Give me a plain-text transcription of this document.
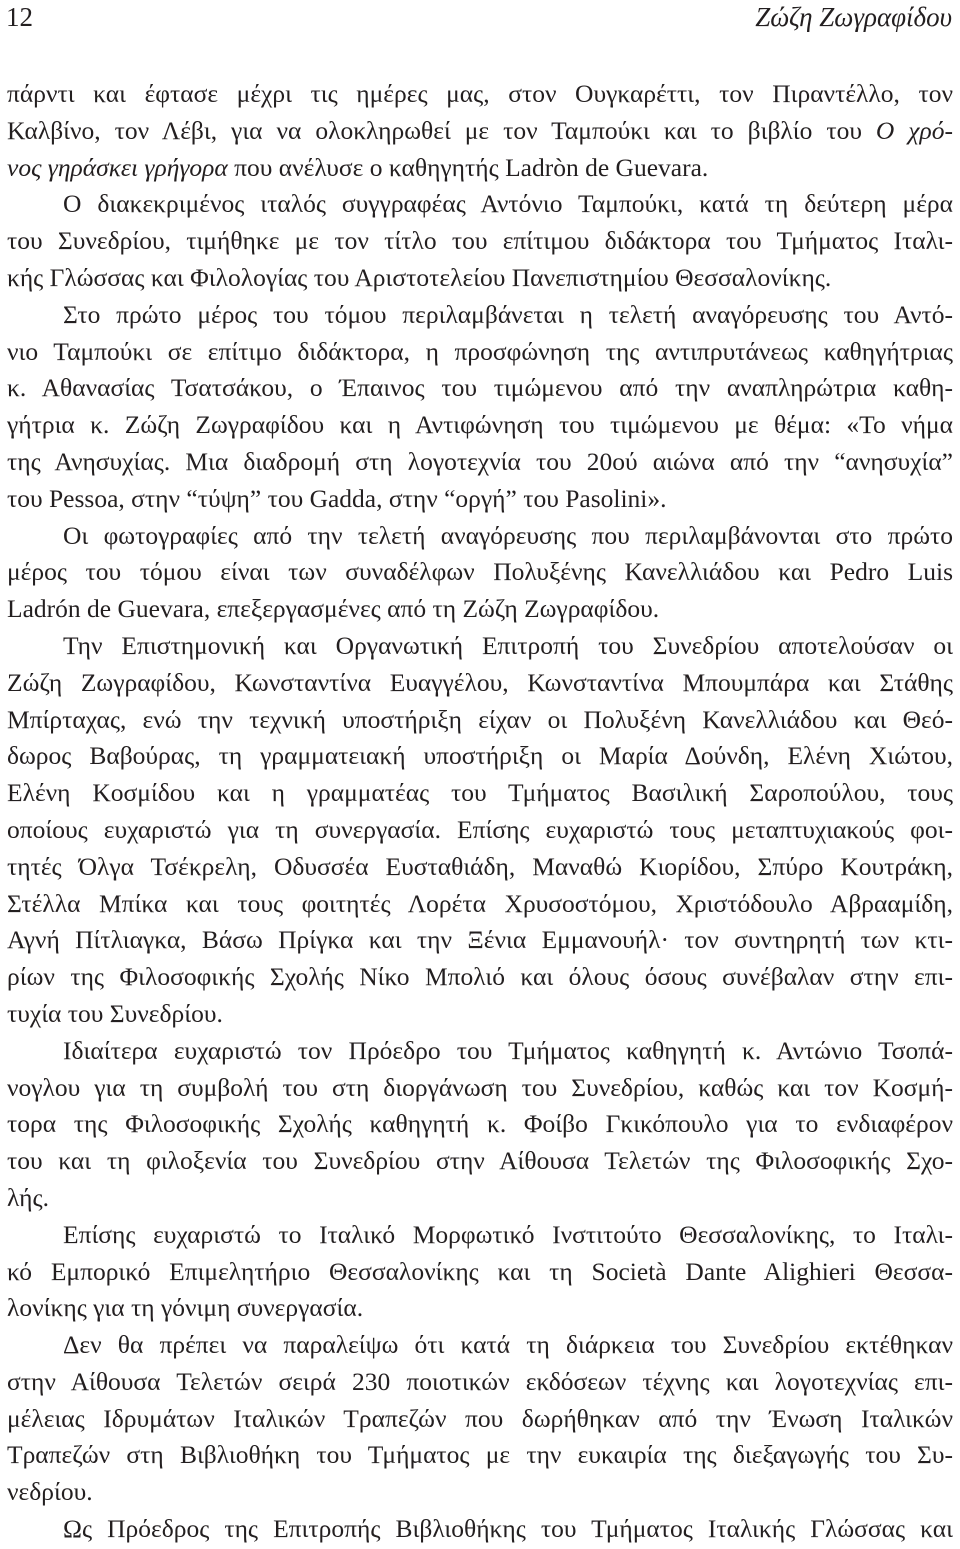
12	Ζώζη Ζωγραφίδου
πάρντι και έφτασε μέχρι τις ημέρες μας, στον Ουγκαρέττι, τον Πιραντέλλο, τον
Καλβίνο, τον Λέβι, για να ολοκληρωθεί με τον Ταμπούκι και το βιβλίο του Ο χρό-
νος γηράσκει γρήγορα που ανέλυσε ο καθηγητής Ladròn de Guevara.
Ο διακεκριμένος ιταλός συγγραφέας Αντόνιο Ταμπούκι, κατά τη δεύτερη μέρα
του Συνεδρίου, τιμήθηκε με τον τίτλο του επίτιμου διδάκτορα του Τμήματος Ιταλι-
κής Γλώσσας και Φιλολογίας του Αριστοτελείου Πανεπιστημίου Θεσσαλονίκης.
Στο πρώτο μέρος του τόμου περιλαμβάνεται η τελετή αναγόρευσης του Αντό-
νιο Ταμπούκι σε επίτιμο διδάκτορα, η προσφώνηση της αντιπρυτάνεως καθηγήτριας
κ. Αθανασίας Τσατσάκου, ο Έπαινος του τιμώμενου από την αναπληρώτρια καθη-
γήτρια κ. Ζώζη Ζωγραφίδου και η Αντιφώνηση του τιμώμενου με θέμα: «Το νήμα
της Ανησυχίας. Μια διαδρομή στη λογοτεχνία του 20ού αιώνα από την “ανησυχία”
του Pessoa, στην “τύψη” του Gadda, στην “οργή” του Pasolini».
Οι φωτογραφίες από την τελετή αναγόρευσης που περιλαμβάνονται στο πρώτο
μέρος του τόμου είναι των συναδέλφων Πολυξένης Κανελλιάδου και Pedro Luis
Ladrón de Guevara, επεξεργασμένες από τη Ζώζη Ζωγραφίδου.
Την Επιστημονική και Οργανωτική Επιτροπή του Συνεδρίου αποτελούσαν οι
Ζώζη Ζωγραφίδου, Κωνσταντίνα Ευαγγέλου, Κωνσταντίνα Μπουμπάρα και Στάθης
Μπίρταχας, ενώ την τεχνική υποστήριξη είχαν οι Πολυξένη Κανελλιάδου και Θεό-
δωρος Βαβούρας, τη γραμματειακή υποστήριξη οι Μαρία Δούνδη, Ελένη Χιώτου,
Ελένη Κοσμίδου και η γραμματέας του Τμήματος Βασιλική Σαροπούλου, τους
οποίους ευχαριστώ για τη συνεργασία. Επίσης ευχαριστώ τους μεταπτυχιακούς φοι-
τητές Όλγα Τσέκρελη, Οδυσσέα Ευσταθιάδη, Μαναθώ Κιορίδου, Σπύρο Κουτράκη,
Στέλλα Μπίκα και τους φοιτητές Λορέτα Χρυσοστόμου, Χριστόδουλο Αβρααμίδη,
Αγνή Πίτλιαγκα, Βάσω Πρίγκα και την Ξένια Εμμανουήλ· τον συντηρητή των κτι-
ρίων της Φιλοσοφικής Σχολής Νίκο Μπολιό και όλους όσους συνέβαλαν στην επι-
τυχία του Συνεδρίου.
Ιδιαίτερα ευχαριστώ τον Πρόεδρο του Τμήματος καθηγητή κ. Αντώνιο Τσοπά-
νογλου για τη συμβολή του στη διοργάνωση του Συνεδρίου, καθώς και τον Κοσμή-
τορα της Φιλοσοφικής Σχολής καθηγητή κ. Φοίβο Γκικόπουλο για το ενδιαφέρον
του και τη φιλοξενία του Συνεδρίου στην Αίθουσα Τελετών της Φιλοσοφικής Σχο-
λής.
Επίσης ευχαριστώ το Ιταλικό Μορφωτικό Ινστιτούτο Θεσσαλονίκης, το Ιταλι-
κό Εμπορικό Επιμελητήριο Θεσσαλονίκης και τη Società Dante Alighieri Θεσσα-
λονίκης για τη γόνιμη συνεργασία.
Δεν θα πρέπει να παραλείψω ότι κατά τη διάρκεια του Συνεδρίου εκτέθηκαν
στην Αίθουσα Τελετών σειρά 230 ποιοτικών εκδόσεων τέχνης και λογοτεχνίας επι-
μέλειας Ιδρυμάτων Ιταλικών Τραπεζών που δωρήθηκαν από την Ένωση Ιταλικών
Τραπεζών στη Βιβλιοθήκη του Τμήματος με την ευκαιρία της διεξαγωγής του Συ-
νεδρίου.
Ως Πρόεδρος της Επιτροπής Βιβλιοθήκης του Τμήματος Ιταλικής Γλώσσας και
